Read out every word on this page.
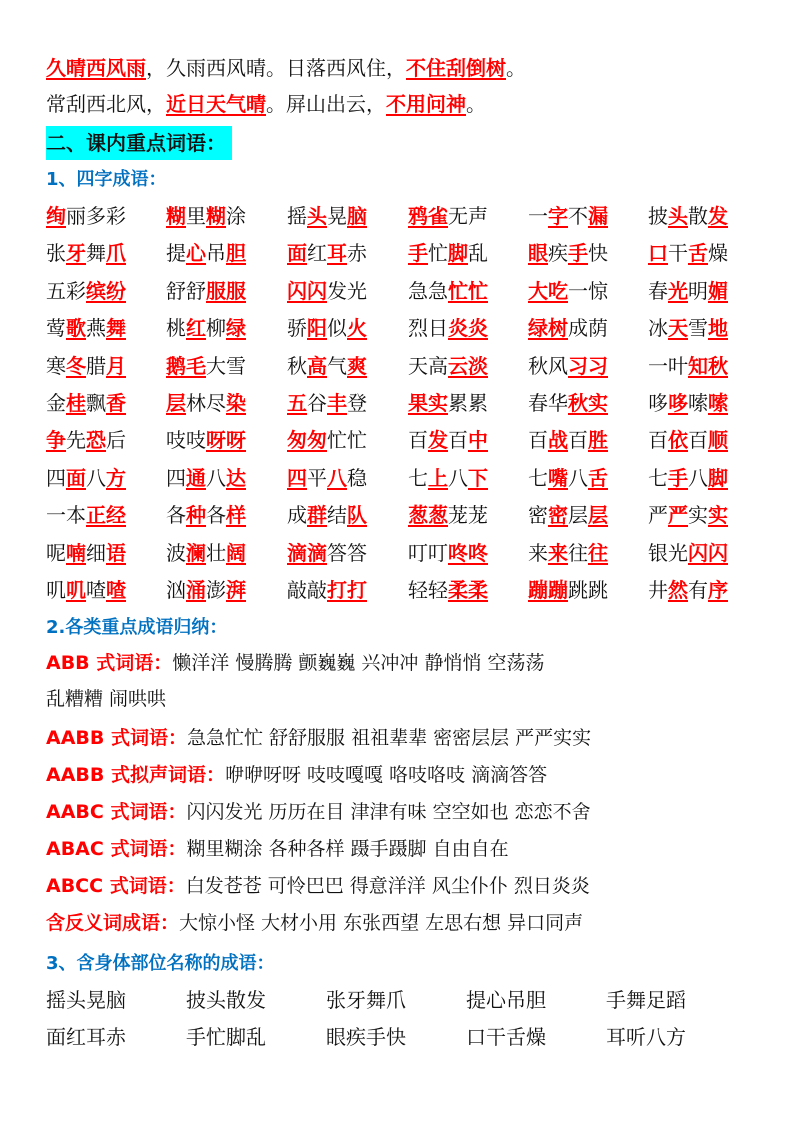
久晴西风雨，久雨西风晴。日落西风住，不住刮倒树。
常刮西北风，近日天气晴。屏山出云，不用问神。
二、课内重点词语：
1、四字成语：
绚丽多彩 糊里糊涂 摇头晃脑 鸦雀无声 一字不漏 披头散发
张牙舞爪 提心吊胆 面红耳赤 手忙脚乱 眼疾手快 口干舌燥
五彩缤纷 舒舒服服 闪闪发光 急急忙忙 大吃一惊 春光明媚
莺歌燕舞 桃红柳绿 骄阳似火 烈日炎炎 绿树成荫 冰天雪地
寒冬腊月 鹅毛大雪 秋高气爽 天高云淡 秋风习习 一叶知秋
金桂飘香 层林尽染 五谷丰登 果实累累 春华秋实 哆哆嗦嗦
争先恐后 吱吱呀呀 匆匆忙忙 百发百中 百战百胜 百依百顺
四面八方 四通八达 四平八稳 七上八下 七嘴八舌 七手八脚
一本正经 各种各样 成群结队 葱葱茏茏 密密层层 严严实实
呢喃细语 波澜壮阔 滴滴答答 叮叮咚咚 来来往往 银光闪闪
叽叽喳喳 汹涌澎湃 敲敲打打 轻轻柔柔 蹦蹦跳跳 井然有序
2.各类重点成语归纳：
ABB 式词语：懒洋洋 慢腾腾 颤巍巍 兴冲冲 静悄悄 空荡荡
乱糟糟 闹哄哄
AABB 式词语：急急忙忙 舒舒服服 祖祖辈辈 密密层层 严严实实
AABB 式拟声词语：咿咿呀呀 吱吱嘎嘎 咯吱咯吱 滴滴答答
AABC 式词语：闪闪发光 历历在目 津津有味 空空如也 恋恋不舍
ABAC 式词语：糊里糊涂 各种各样 蹑手蹑脚 自由自在
ABCC 式词语：白发苍苍 可怜巴巴 得意洋洋 风尘仆仆 烈日炎炎
含反义词成语：大惊小怪 大材小用 东张西望 左思右想 异口同声
3、含身体部位名称的成语：
摇头晃脑	披头散发	张牙舞爪	提心吊胆	手舞足蹈
面红耳赤	手忙脚乱	眼疾手快	口干舌燥	耳听八方
